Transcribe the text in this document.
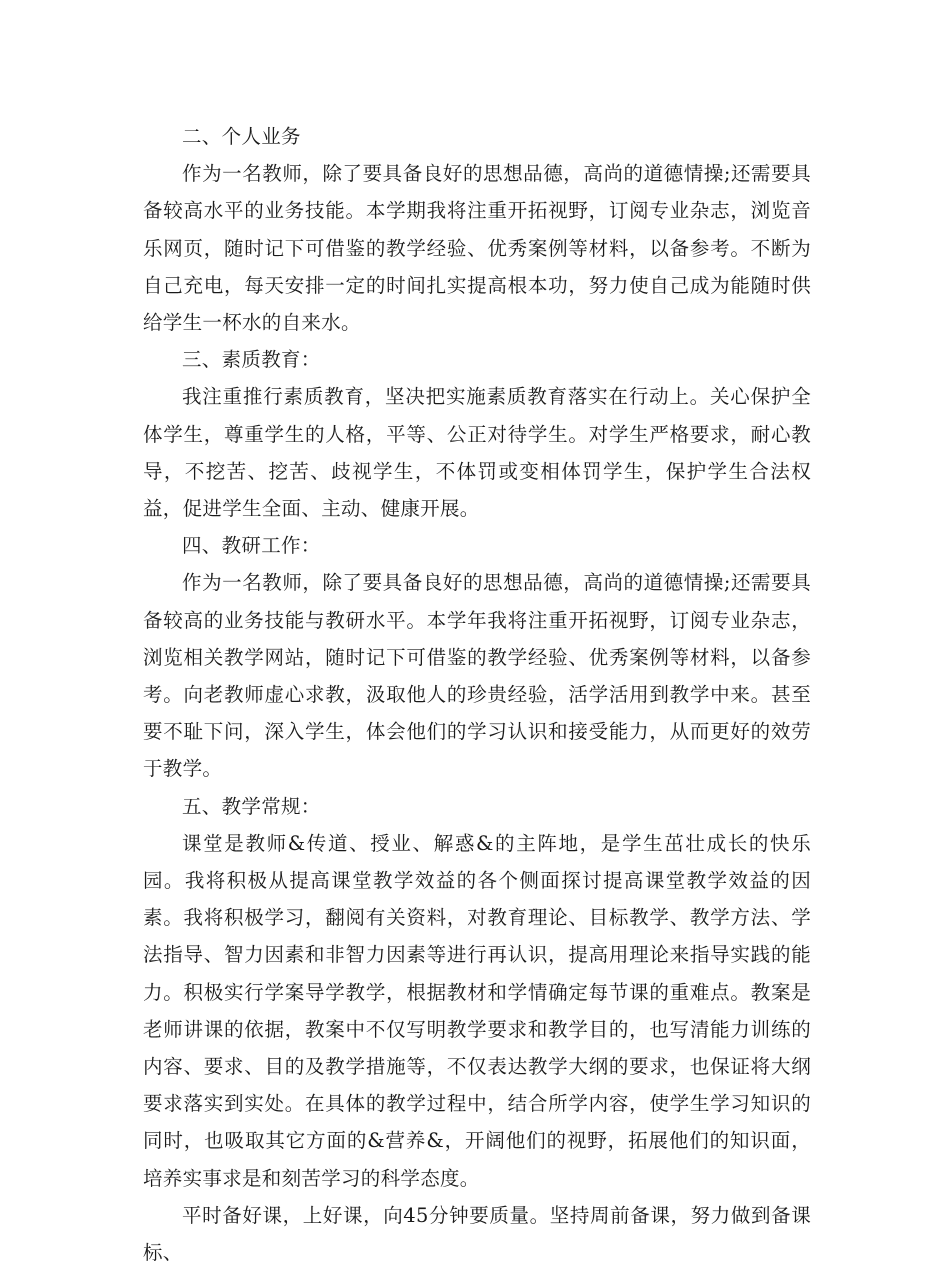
二、个人业务

作为一名教师，除了要具备良好的思想品德，高尚的道德情操;还需要具备较高水平的业务技能。本学期我将注重开拓视野，订阅专业杂志，浏览音乐网页，随时记下可借鉴的教学经验、优秀案例等材料，以备参考。不断为自己充电，每天安排一定的时间扎实提高根本功，努力使自己成为能随时供给学生一杯水的自来水。

三、素质教育：

我注重推行素质教育，坚决把实施素质教育落实在行动上。关心保护全体学生，尊重学生的人格，平等、公正对待学生。对学生严格要求，耐心教导，不挖苦、挖苦、歧视学生，不体罚或变相体罚学生，保护学生合法权益，促进学生全面、主动、健康开展。

四、教研工作：

作为一名教师，除了要具备良好的思想品德，高尚的道德情操;还需要具备较高的业务技能与教研水平。本学年我将注重开拓视野，订阅专业杂志，浏览相关教学网站，随时记下可借鉴的教学经验、优秀案例等材料，以备参考。向老教师虚心求教，汲取他人的珍贵经验，活学活用到教学中来。甚至要不耻下问，深入学生，体会他们的学习认识和接受能力，从而更好的效劳于教学。

五、教学常规：

课堂是教师&传道、授业、解惑&的主阵地，是学生茁壮成长的快乐园。我将积极从提高课堂教学效益的各个侧面探讨提高课堂教学效益的因素。我将积极学习，翻阅有关资料，对教育理论、目标教学、教学方法、学法指导、智力因素和非智力因素等进行再认识，提高用理论来指导实践的能力。积极实行学案导学教学，根据教材和学情确定每节课的重难点。教案是老师讲课的依据，教案中不仅写明教学要求和教学目的，也写清能力训练的内容、要求、目的及教学措施等，不仅表达教学大纲的要求，也保证将大纲要求落实到实处。在具体的教学过程中，结合所学内容，使学生学习知识的同时，也吸取其它方面的&营养&，开阔他们的视野，拓展他们的知识面，培养实事求是和刻苦学习的科学态度。

平时备好课，上好课，向45分钟要质量。坚持周前备课，努力做到备课标、
